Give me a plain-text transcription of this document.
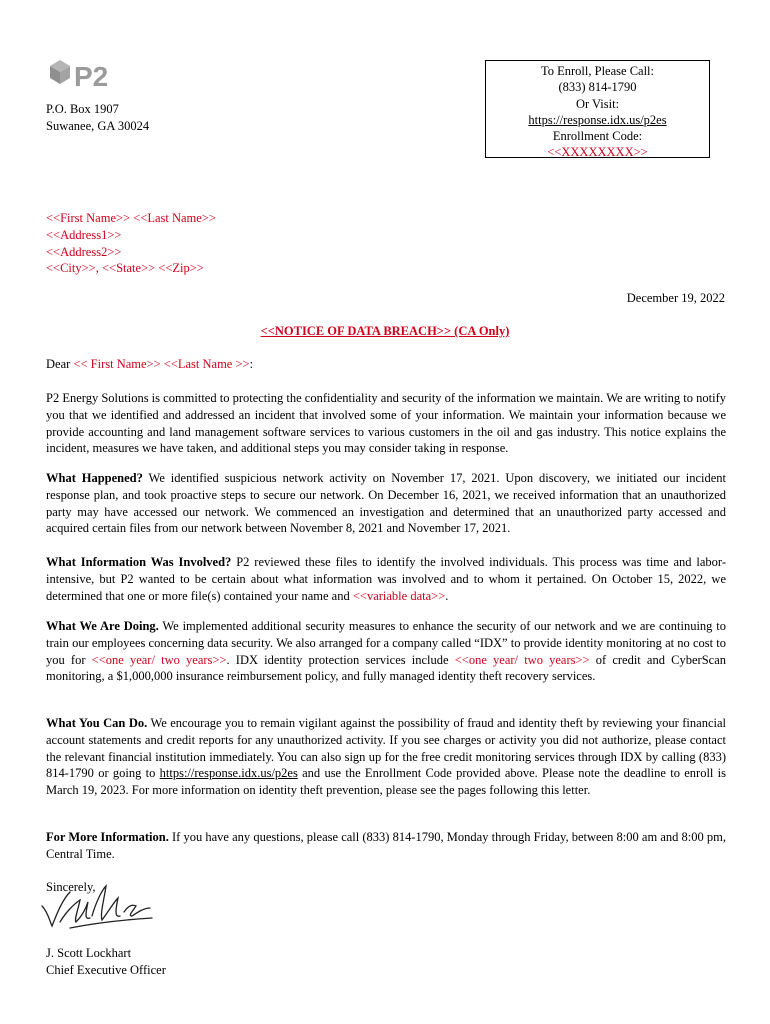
P2
P.O. Box 1907
Suwanee, GA 30024
To Enroll, Please Call:
(833) 814-1790
Or Visit:
https://response.idx.us/p2es
Enrollment Code:
<<XXXXXXXX>>
<<First Name>> <<Last Name>>
<<Address1>>
<<Address2>>
<<City>>, <<State>> <<Zip>>
December 19, 2022
<<NOTICE OF DATA BREACH>> (CA Only)
Dear << First Name>> <<Last Name >>:
P2 Energy Solutions is committed to protecting the confidentiality and security of the information we maintain. We are writing to notify you that we identified and addressed an incident that involved some of your information. We maintain your information because we provide accounting and land management software services to various customers in the oil and gas industry. This notice explains the incident, measures we have taken, and additional steps you may consider taking in response.
What Happened? We identified suspicious network activity on November 17, 2021. Upon discovery, we initiated our incident response plan, and took proactive steps to secure our network. On December 16, 2021, we received information that an unauthorized party may have accessed our network. We commenced an investigation and determined that an unauthorized party accessed and acquired certain files from our network between November 8, 2021 and November 17, 2021.
What Information Was Involved? P2 reviewed these files to identify the involved individuals. This process was time and labor-intensive, but P2 wanted to be certain about what information was involved and to whom it pertained. On October 15, 2022, we determined that one or more file(s) contained your name and <<variable data>>.
What We Are Doing. We implemented additional security measures to enhance the security of our network and we are continuing to train our employees concerning data security. We also arranged for a company called “IDX” to provide identity monitoring at no cost to you for <<one year/ two years>>. IDX identity protection services include <<one year/ two years>> of credit and CyberScan monitoring, a $1,000,000 insurance reimbursement policy, and fully managed identity theft recovery services.
What You Can Do. We encourage you to remain vigilant against the possibility of fraud and identity theft by reviewing your financial account statements and credit reports for any unauthorized activity. If you see charges or activity you did not authorize, please contact the relevant financial institution immediately. You can also sign up for the free credit monitoring services through IDX by calling (833) 814-1790 or going to https://response.idx.us/p2es and use the Enrollment Code provided above. Please note the deadline to enroll is March 19, 2023. For more information on identity theft prevention, please see the pages following this letter.
For More Information. If you have any questions, please call (833) 814-1790, Monday through Friday, between 8:00 am and 8:00 pm, Central Time.
Sincerely,
J. Scott Lockhart
Chief Executive Officer
